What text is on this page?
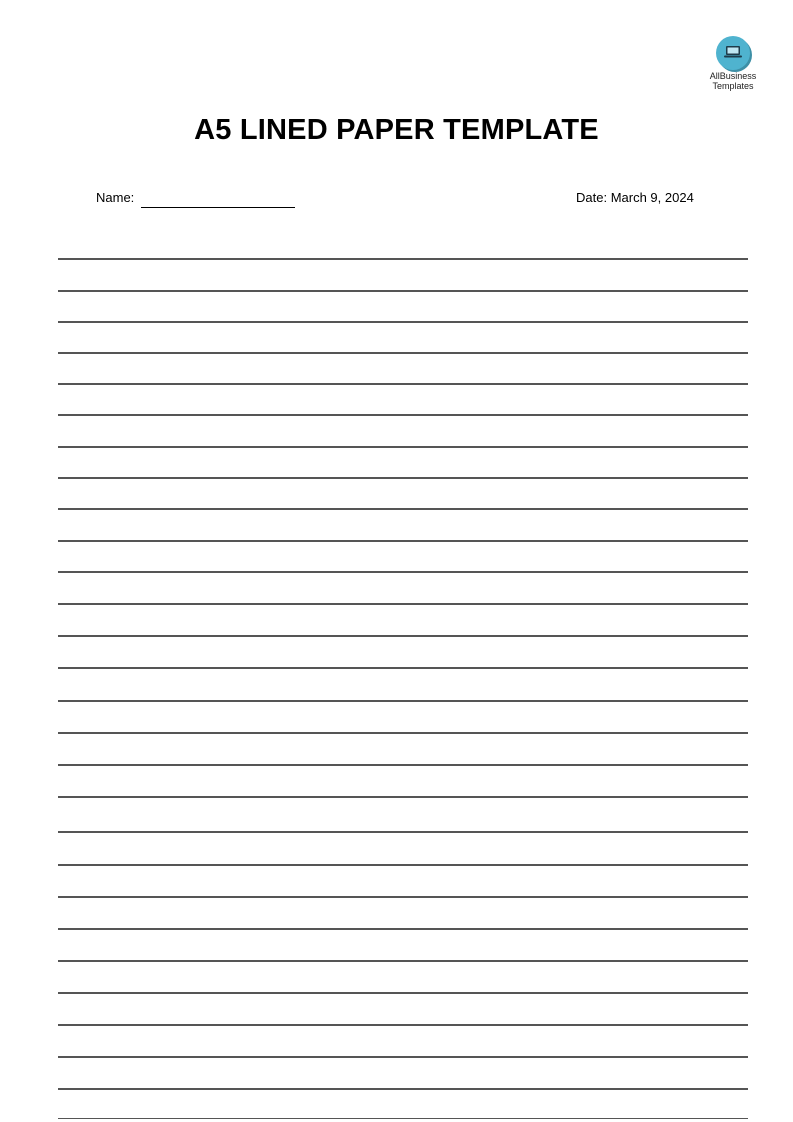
AllBusiness
Templates
A5 LINED PAPER TEMPLATE
Name:	Date: March 9, 2024
